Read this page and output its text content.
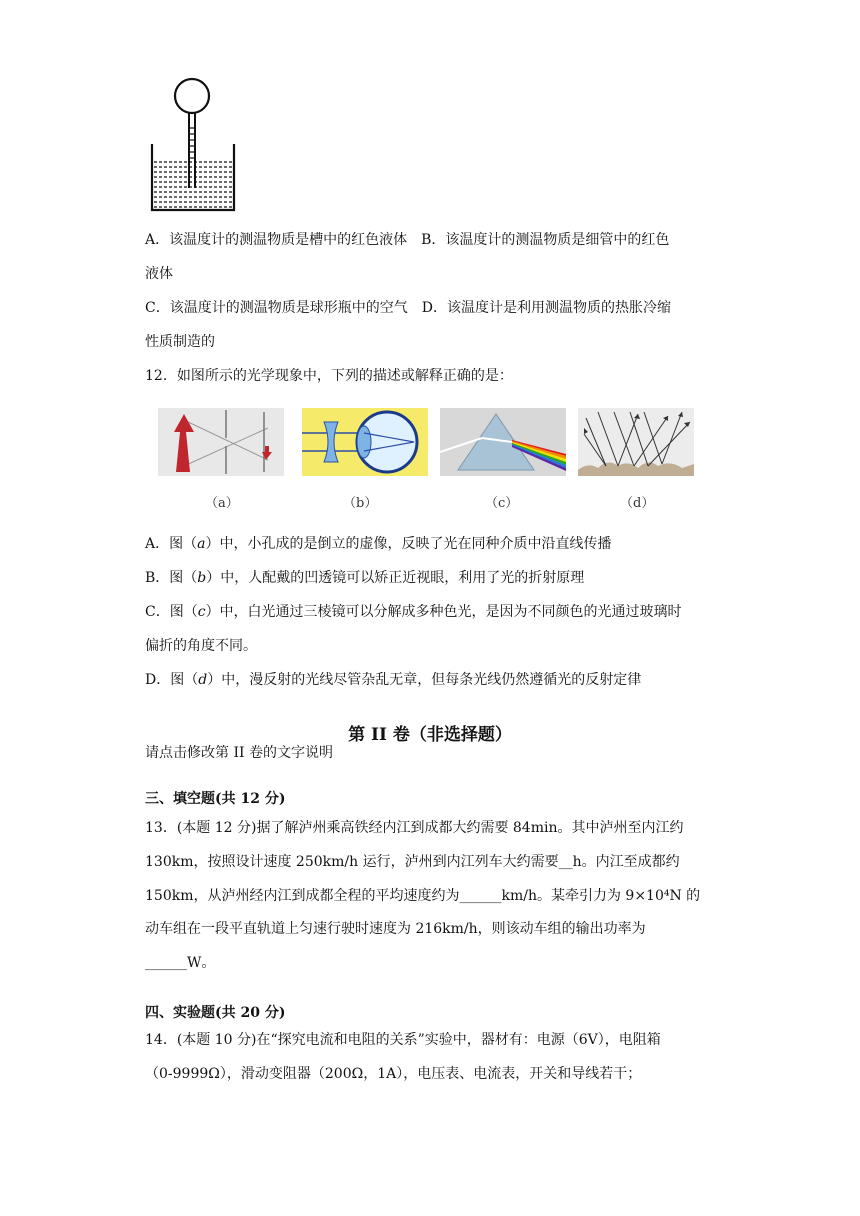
A．该温度计的测温物质是槽中的红色液体  B．该温度计的测温物质是细管中的红色
液体
C．该温度计的测温物质是球形瓶中的空气  D．该温度计是利用测温物质的热胀冷缩
性质制造的
12．如图所示的光学现象中，下列的描述或解释正确的是：
（a）	（b）	（c）	（d）
A．图（a）中，小孔成的是倒立的虚像，反映了光在同种介质中沿直线传播
B．图（b）中，人配戴的凹透镜可以矫正近视眼，利用了光的折射原理
C．图（c）中，白光通过三棱镜可以分解成多种色光，是因为不同颜色的光通过玻璃时
偏折的角度不同。
D．图（d）中，漫反射的光线尽管杂乱无章，但每条光线仍然遵循光的反射定律
第 II 卷（非选择题）
请点击修改第 II 卷的文字说明
三、填空题(共 12 分)
13．(本题 12 分)据了解泸州乘高铁经内江到成都大约需要 84min。其中泸州至内江约
130km，按照设计速度 250km/h 运行，泸州到内江列车大约需要__h。内江至成都约
150km，从泸州经内江到成都全程的平均速度约为______km/h。某牵引力为 9×10⁴N 的
动车组在一段平直轨道上匀速行驶时速度为 216km/h，则该动车组的输出功率为
______W。
四、实验题(共 20 分)
14．(本题 10 分)在“探究电流和电阻的关系”实验中，器材有：电源（6V），电阻箱
（0-9999Ω），滑动变阻器（200Ω，1A），电压表、电流表，开关和导线若干；
